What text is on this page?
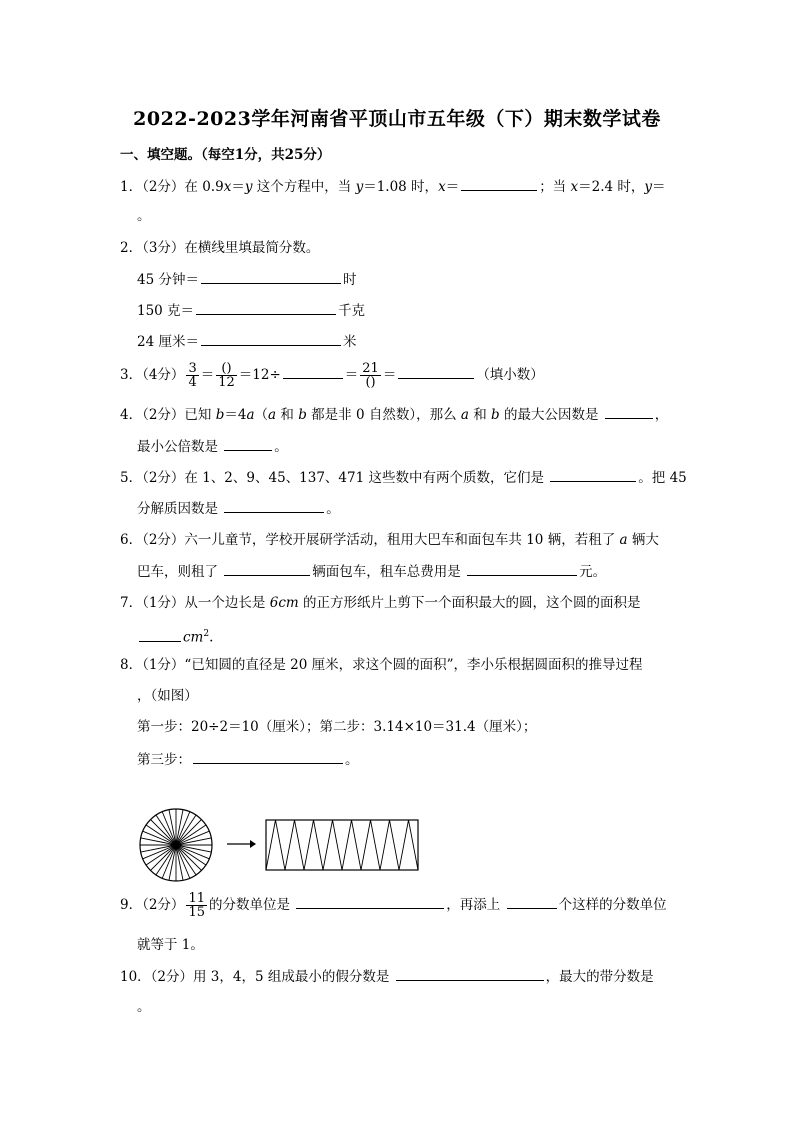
2022-2023学年河南省平顶山市五年级（下）期末数学试卷
一、填空题。（每空1分，共25分）
1．（2分）在 0.9x＝y 这个方程中，当 y＝1.08 时，x＝	；当 x＝2.4 时，y＝
。
2．（3分）在横线里填最简分数。
45 分钟＝	时
150 克＝	千克
24 厘米＝	米
3．（4分） $\frac{3}{4} = \frac{()}{12} =12\div$	＝ $\frac{21}{()}$ ＝	（填小数）
4．（2分）已知 b＝4a（a 和 b 都是非 0 自然数），那么 a 和 b 的最大公因数是	，
最小公倍数是	。
5．（2分）在 1、2、9、45、137、471 这些数中有两个质数，它们是	。把 45
分解质因数是	。
6．（2分）六一儿童节，学校开展研学活动，租用大巴车和面包车共 10 辆，若租了 a 辆大
巴车，则租了	辆面包车，租车总费用是	元。
7．（1分）从一个边长是 6cm 的正方形纸片上剪下一个面积最大的圆，这个圆的面积是
$cm^2$.
8．（1分）“已知圆的直径是 20 厘米，求这个圆的面积”，李小乐根据圆面积的推导过程
，（如图）
第一步：20÷2＝10（厘米）；第二步：3.14×10＝31.4（厘米）；
第三步：	。
9．（2分） $\frac{11}{15}$ 的分数单位是	，再添上	个这样的分数单位
就等于 1。
10．（2分）用 3，4，5 组成最小的假分数是	，最大的带分数是
。
